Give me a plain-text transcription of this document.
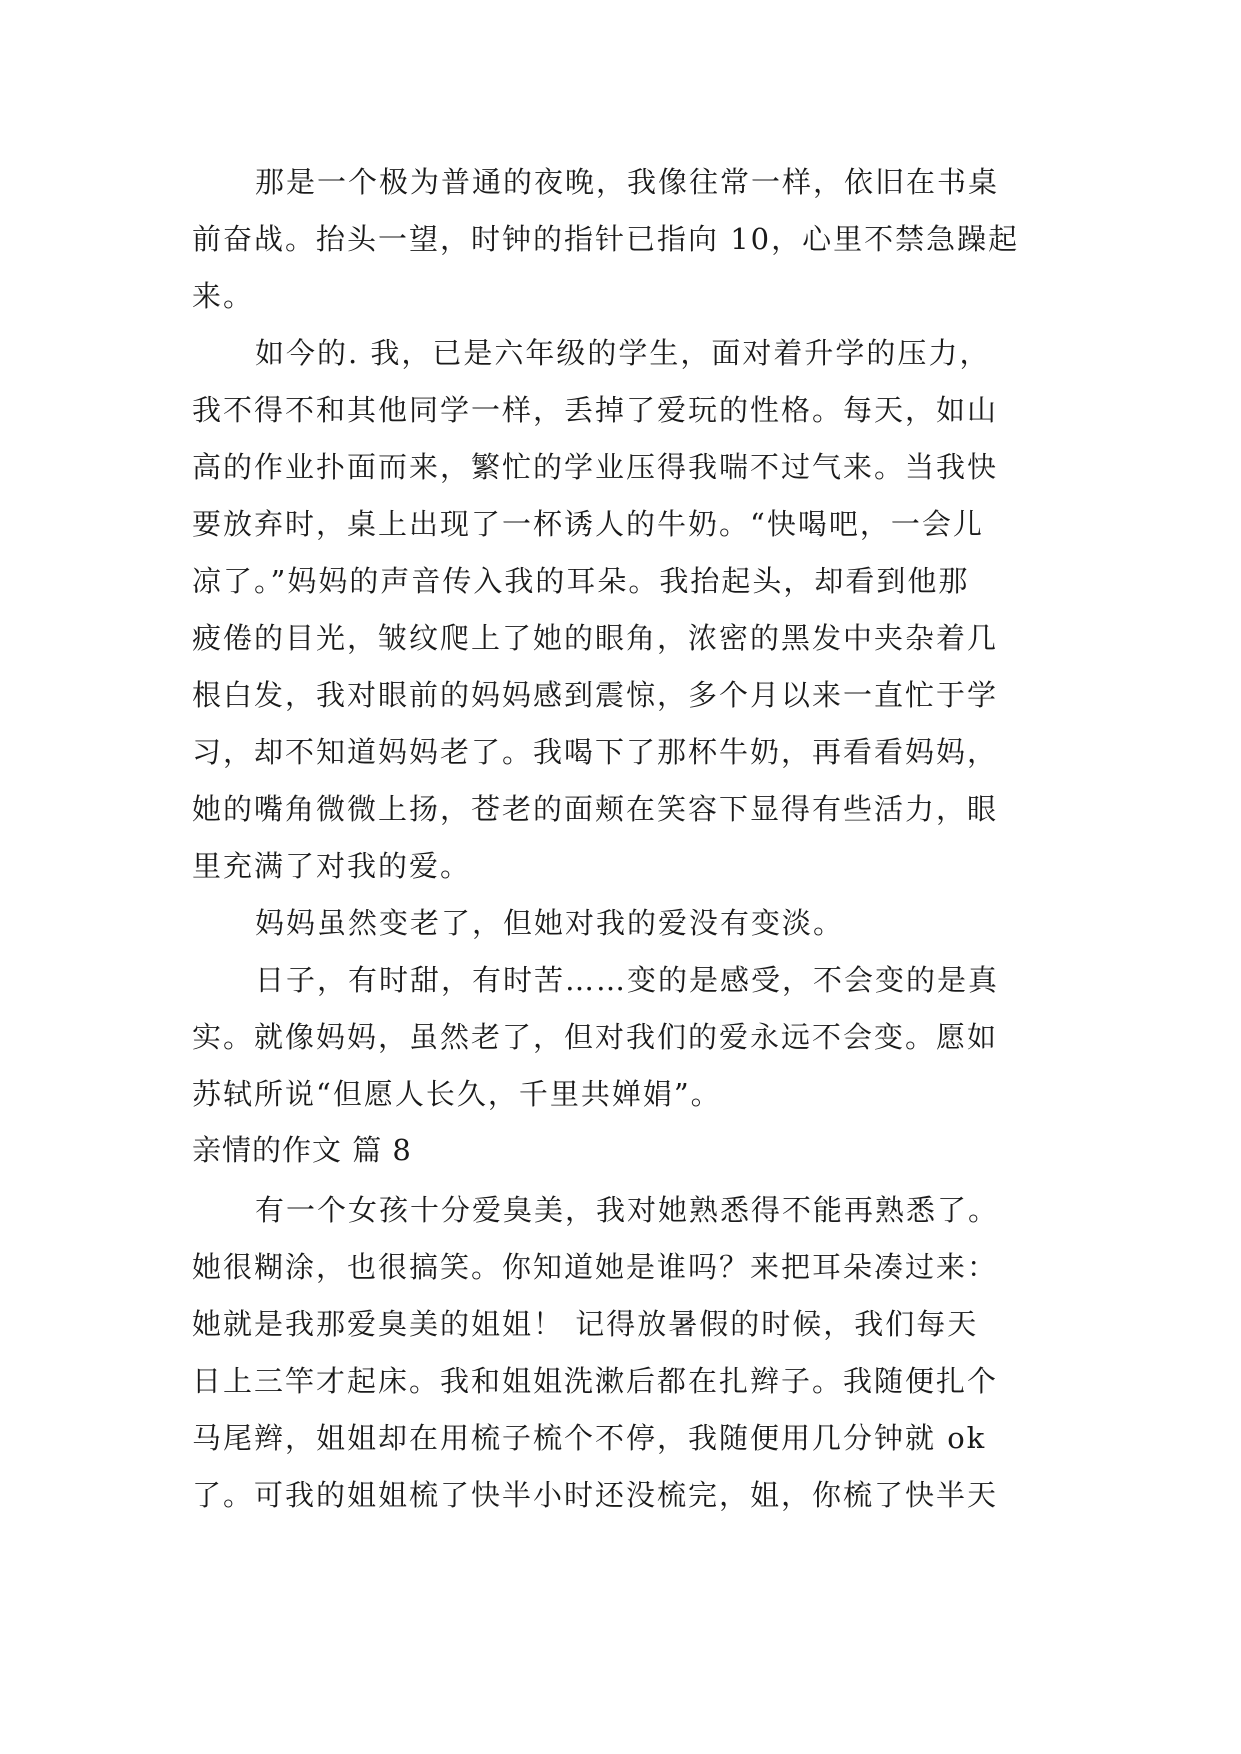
那是一个极为普通的夜晚，我像往常一样，依旧在书桌
前奋战。抬头一望，时钟的指针已指向 10，心里不禁急躁起
来。
如今的. 我，已是六年级的学生，面对着升学的压力，
我不得不和其他同学一样，丢掉了爱玩的性格。每天，如山
高的作业扑面而来，繁忙的学业压得我喘不过气来。当我快
要放弃时，桌上出现了一杯诱人的牛奶。“快喝吧，一会儿
凉了。”妈妈的声音传入我的耳朵。我抬起头，却看到他那
疲倦的目光，皱纹爬上了她的眼角，浓密的黑发中夹杂着几
根白发，我对眼前的妈妈感到震惊，多个月以来一直忙于学
习，却不知道妈妈老了。我喝下了那杯牛奶，再看看妈妈，
她的嘴角微微上扬，苍老的面颊在笑容下显得有些活力，眼
里充满了对我的爱。
妈妈虽然变老了，但她对我的爱没有变淡。
日子，有时甜，有时苦……变的是感受，不会变的是真
实。就像妈妈，虽然老了，但对我们的爱永远不会变。愿如
苏轼所说“但愿人长久，千里共婵娟”。
亲情的作文 篇 8
有一个女孩十分爱臭美，我对她熟悉得不能再熟悉了。
她很糊涂，也很搞笑。你知道她是谁吗？来把耳朵凑过来：
她就是我那爱臭美的姐姐！ 记得放暑假的时候，我们每天
日上三竿才起床。我和姐姐洗漱后都在扎辫子。我随便扎个
马尾辫，姐姐却在用梳子梳个不停，我随便用几分钟就 ok
了。可我的姐姐梳了快半小时还没梳完，姐，你梳了快半天
